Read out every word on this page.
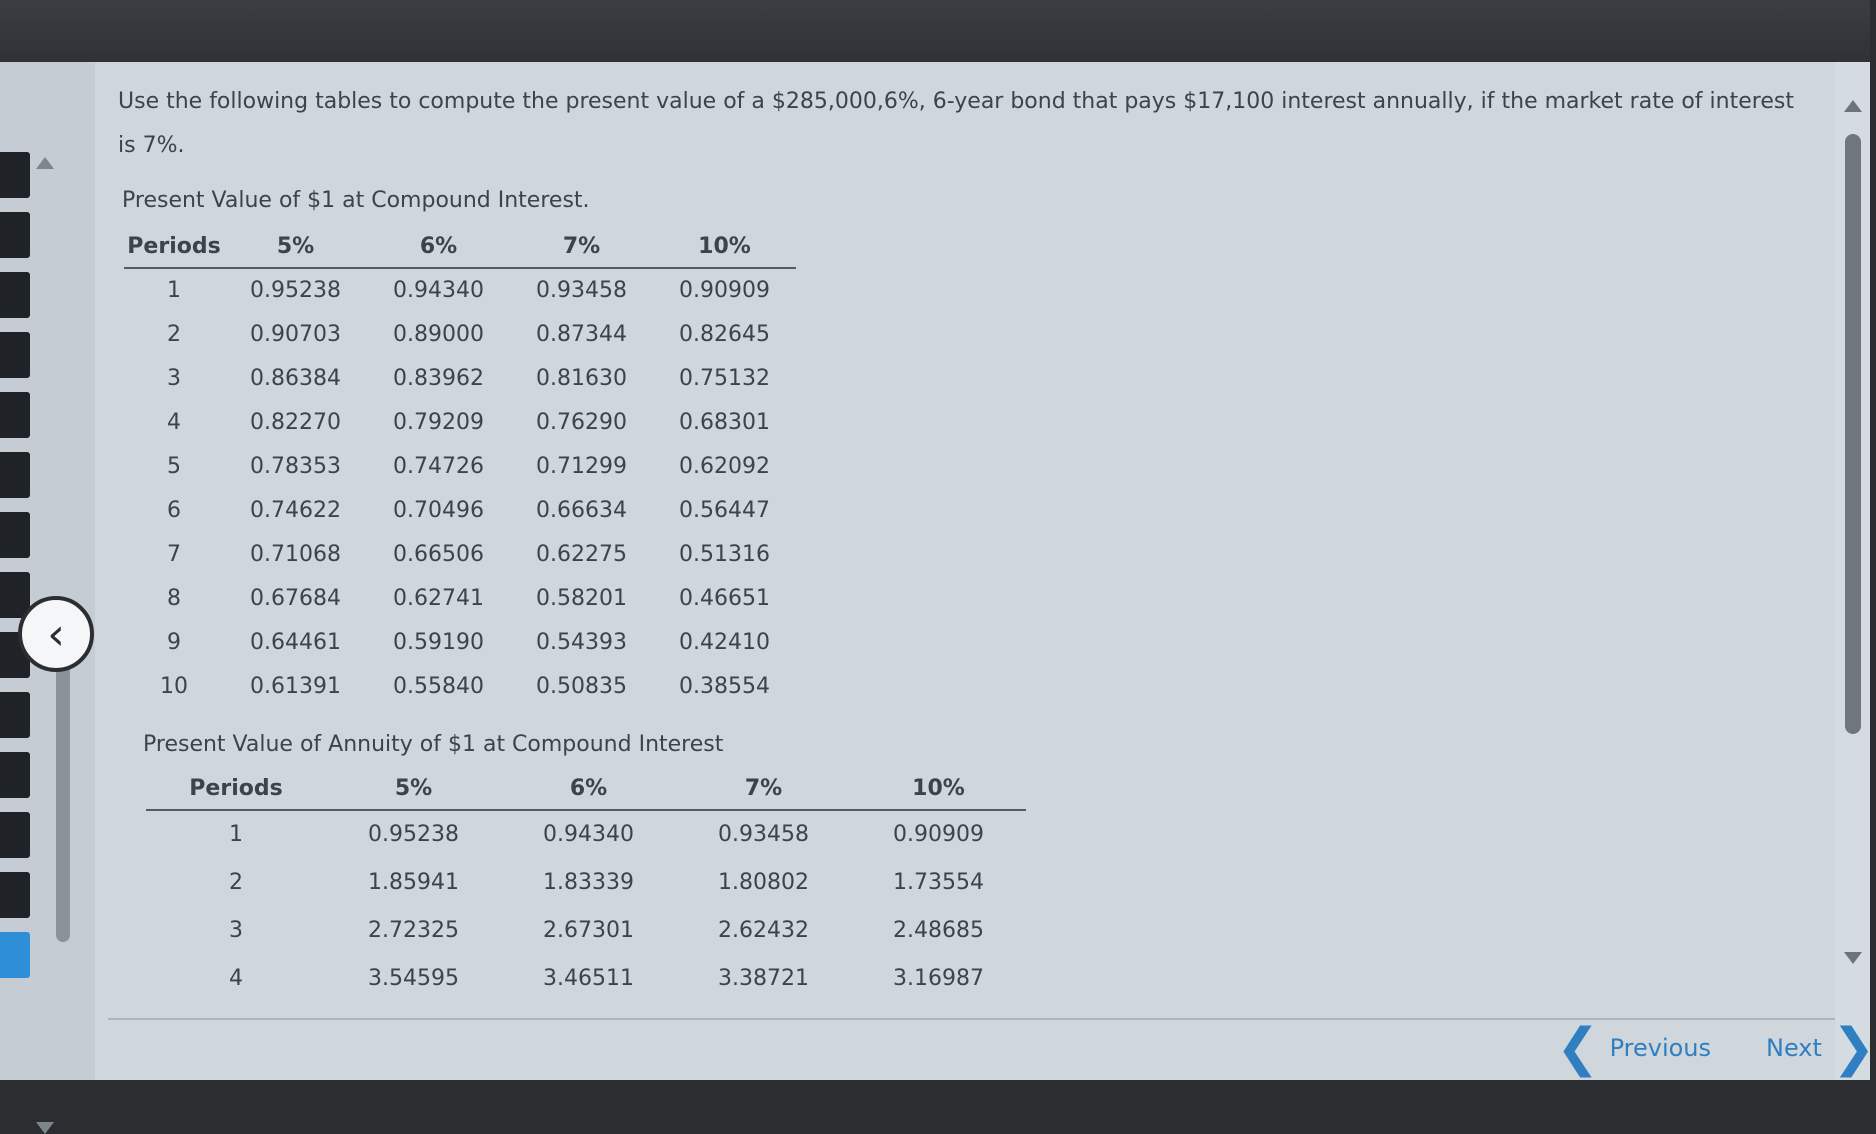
‹
Use the following tables to compute the present value of a $285,000,6%, 6-year bond that pays $17,100 interest annually, if the market rate of interest is 7%.
Present Value of $1 at Compound Interest.
Periods	5%	6%	7%	10%
1	0.95238	0.94340	0.93458	0.90909
2	0.90703	0.89000	0.87344	0.82645
3	0.86384	0.83962	0.81630	0.75132
4	0.82270	0.79209	0.76290	0.68301
5	0.78353	0.74726	0.71299	0.62092
6	0.74622	0.70496	0.66634	0.56447
7	0.71068	0.66506	0.62275	0.51316
8	0.67684	0.62741	0.58201	0.46651
9	0.64461	0.59190	0.54393	0.42410
10	0.61391	0.55840	0.50835	0.38554
Present Value of Annuity of $1 at Compound Interest
Periods	5%	6%	7%	10%
1	0.95238	0.94340	0.93458	0.90909
2	1.85941	1.83339	1.80802	1.73554
3	2.72325	2.67301	2.62432	2.48685
4	3.54595	3.46511	3.38721	3.16987
❮ Previous Next ❯
